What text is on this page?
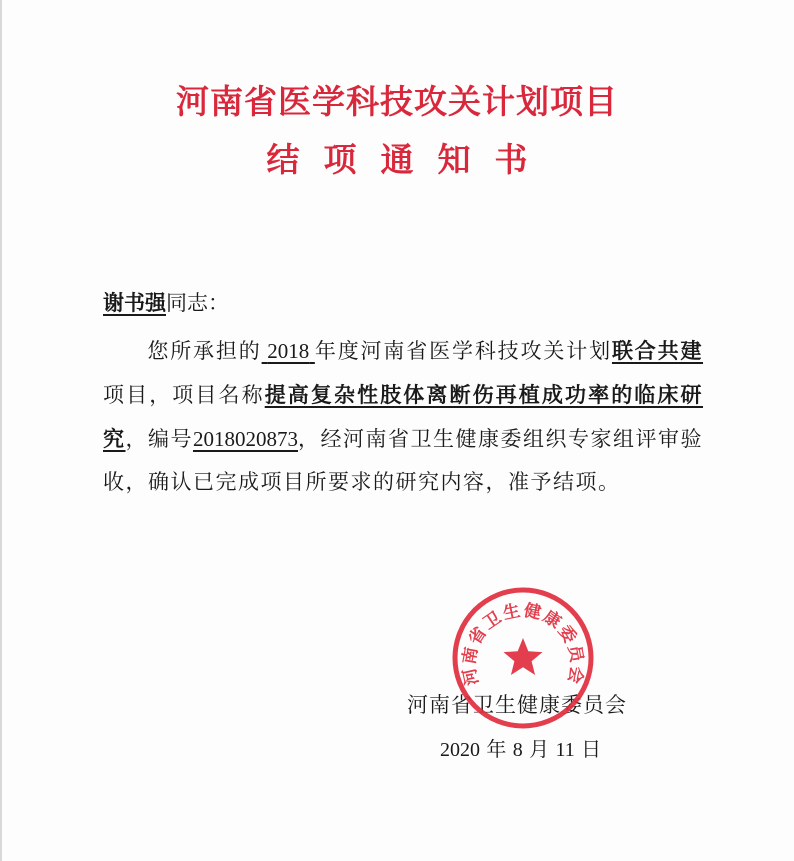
河南省医学科技攻关计划项目
结项通知书
谢书强同志：
您所承担的 2018 年度河南省医学科技攻关计划联合共建项目，项目名称提高复杂性肢体离断伤再植成功率的临床研究，编号2018020873，经河南省卫生健康委组织专家组评审验收，确认已完成项目所要求的研究内容，准予结项。
河南省卫生健康委员会
2020 年 8 月 11 日
河南省卫生健康委员会
